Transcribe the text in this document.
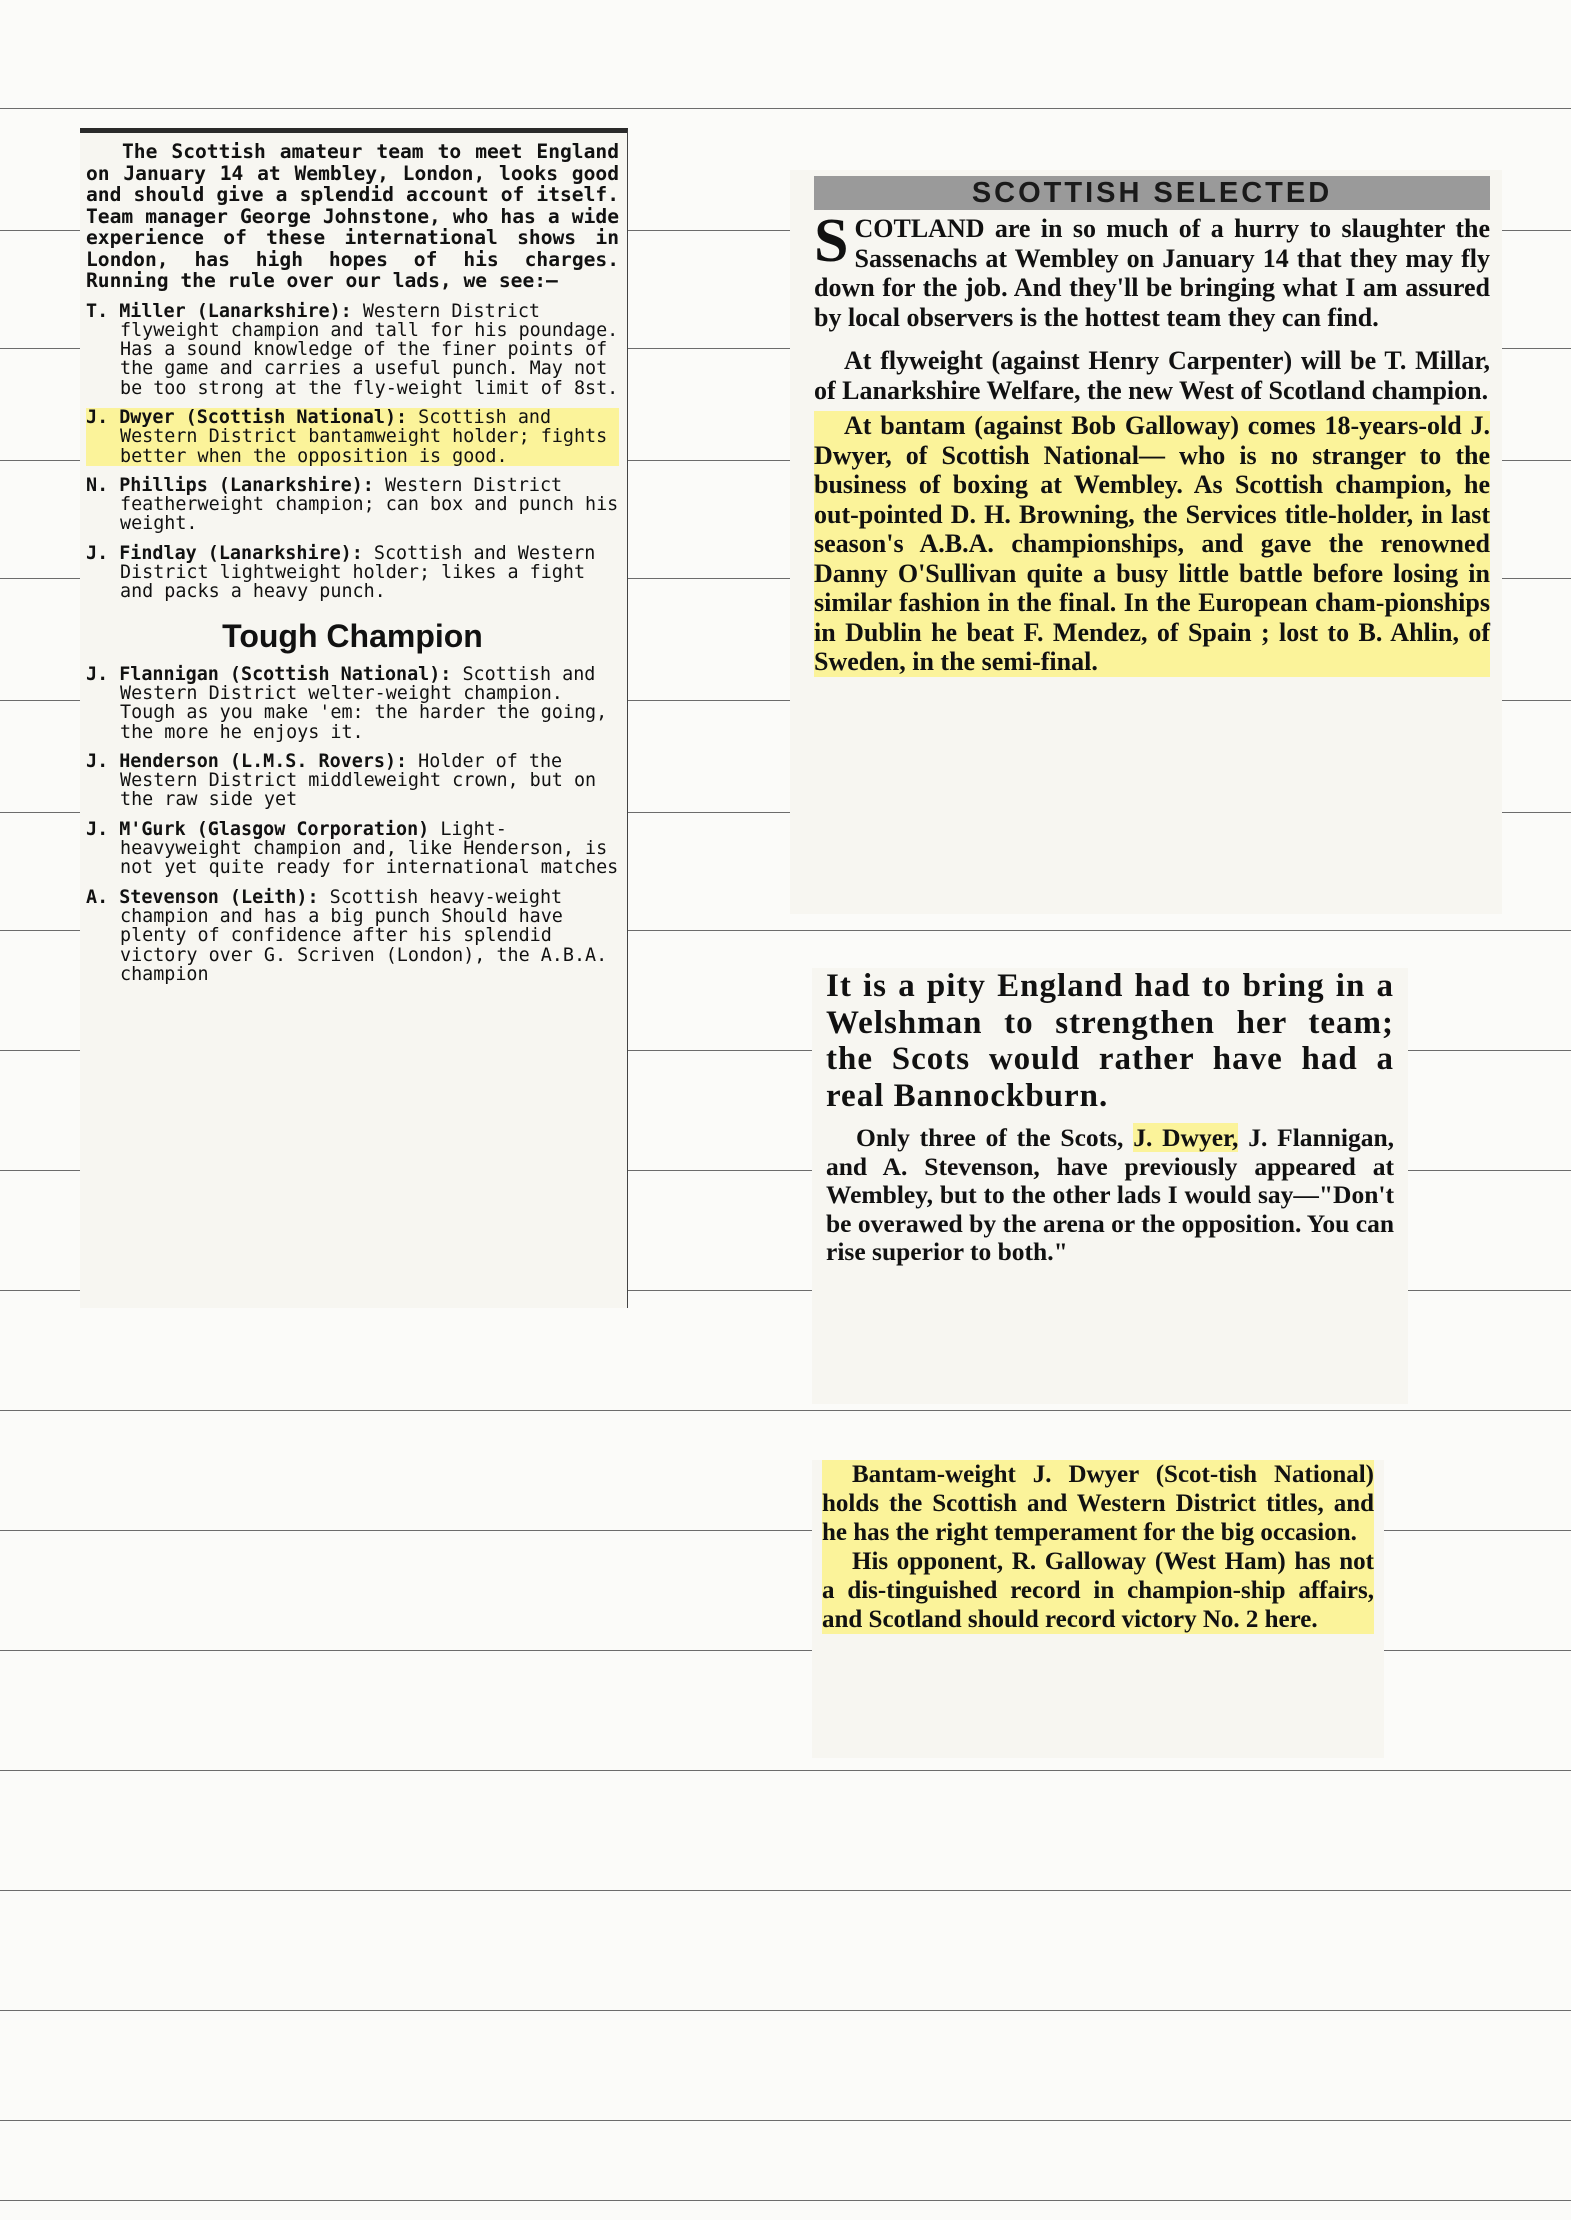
The Scottish amateur team to meet England on January 14 at Wembley, London, looks good and should give a splendid account of itself. Team manager George Johnstone, who has a wide experience of these international shows in London, has high hopes of his charges. Running the rule over our lads, we see:—

T. Miller (Lanarkshire): Western District flyweight champion and tall for his poundage. Has a sound knowledge of the finer points of the game and carries a useful punch. May not be too strong at the fly-weight limit of 8st.

J. Dwyer (Scottish National): Scottish and Western District bantamweight holder; fights better when the opposition is good.

N. Phillips (Lanarkshire): Western District featherweight champion; can box and punch his weight.

J. Findlay (Lanarkshire): Scottish and Western District lightweight holder; likes a fight and packs a heavy punch.

Tough Champion

J. Flannigan (Scottish National): Scottish and Western District welter-weight champion. Tough as you make 'em: the harder the going, the more he enjoys it.

J. Henderson (L.M.S. Rovers): Holder of the Western District middleweight crown, but on the raw side yet

J. M'Gurk (Glasgow Corporation) Light-heavyweight champion and, like Henderson, is not yet quite ready for international matches

A. Stevenson (Leith): Scottish heavy-weight champion and has a big punch Should have plenty of confidence after his splendid victory over G. Scriven (London), the A.B.A. champion

SCOTTISH SELECTED

SCOTLAND are in so much of a hurry to slaughter the Sassenachs at Wembley on January 14 that they may fly down for the job. And they'll be bringing what I am assured by local observers is the hottest team they can find.

At flyweight (against Henry Carpenter) will be T. Millar, of Lanarkshire Welfare, the new West of Scotland champion.

At bantam (against Bob Galloway) comes 18-years-old J. Dwyer, of Scottish National— who is no stranger to the business of boxing at Wembley. As Scottish champion, he out-pointed D. H. Browning, the Services title-holder, in last season's A.B.A. championships, and gave the renowned Danny O'Sullivan quite a busy little battle before losing in similar fashion in the final. In the European cham-pionships in Dublin he beat F. Mendez, of Spain ; lost to B. Ahlin, of Sweden, in the semi-final.

It is a pity England had to bring in a Welshman to strengthen her team; the Scots would rather have had a real Bannockburn.

Only three of the Scots, J. Dwyer, J. Flannigan, and A. Stevenson, have previously appeared at Wembley, but to the other lads I would say—"Don't be overawed by the arena or the opposition. You can rise superior to both."

Bantam-weight J. Dwyer (Scot-tish National) holds the Scottish and Western District titles, and he has the right temperament for the big occasion.

His opponent, R. Galloway (West Ham) has not a dis-tinguished record in champion-ship affairs, and Scotland should record victory No. 2 here.
